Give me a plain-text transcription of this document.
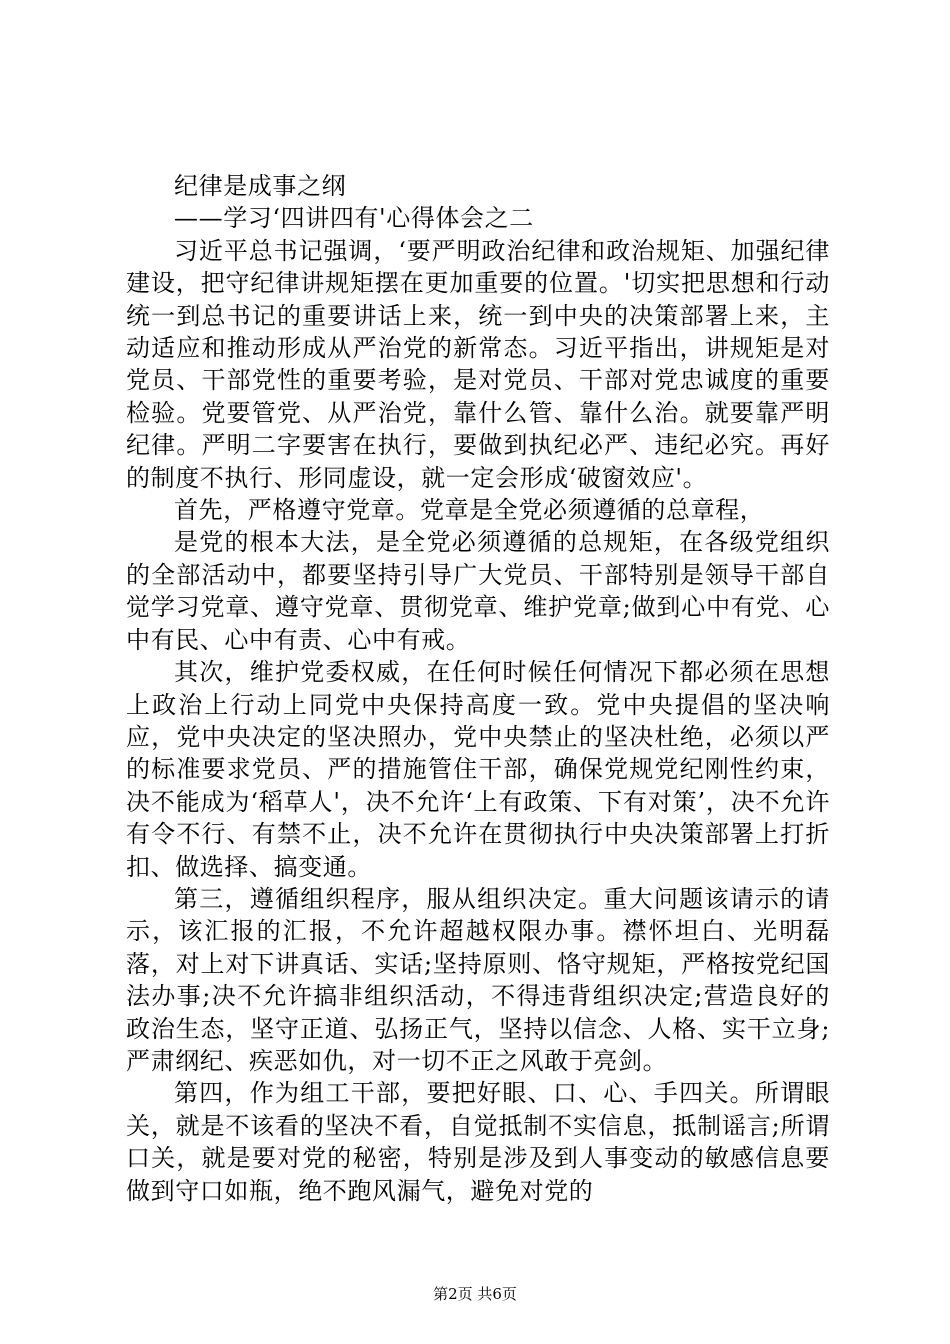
纪律是成事之纲

——学习‘四讲四有'心得体会之二

习近平总书记强调，‘要严明政治纪律和政治规矩、加强纪律建设，把守纪律讲规矩摆在更加重要的位置。'切实把思想和行动统一到总书记的重要讲话上来，统一到中央的决策部署上来，主动适应和推动形成从严治党的新常态。习近平指出，讲规矩是对党员、干部党性的重要考验，是对党员、干部对党忠诚度的重要检验。党要管党、从严治党，靠什么管、靠什么治。就要靠严明纪律。严明二字要害在执行，要做到执纪必严、违纪必究。再好的制度不执行、形同虚设，就一定会形成‘破窗效应'。

首先，严格遵守党章。党章是全党必须遵循的总章程，

是党的根本大法，是全党必须遵循的总规矩，在各级党组织的全部活动中，都要坚持引导广大党员、干部特别是领导干部自觉学习党章、遵守党章、贯彻党章、维护党章;做到心中有党、心中有民、心中有责、心中有戒。

其次，维护党委权威，在任何时候任何情况下都必须在思想上政治上行动上同党中央保持高度一致。党中央提倡的坚决响应，党中央决定的坚决照办，党中央禁止的坚决杜绝，必须以严的标准要求党员、严的措施管住干部，确保党规党纪刚性约束，决不能成为‘稻草人'，决不允许‘上有政策、下有对策’，决不允许有令不行、有禁不止，决不允许在贯彻执行中央决策部署上打折扣、做选择、搞变通。

第三，遵循组织程序，服从组织决定。重大问题该请示的请示，该汇报的汇报，不允许超越权限办事。襟怀坦白、光明磊落，对上对下讲真话、实话;坚持原则、恪守规矩，严格按党纪国法办事;决不允许搞非组织活动，不得违背组织决定;营造良好的政治生态，坚守正道、弘扬正气，坚持以信念、人格、实干立身;严肃纲纪、疾恶如仇，对一切不正之风敢于亮剑。

第四，作为组工干部，要把好眼、口、心、手四关。所谓眼关，就是不该看的坚决不看，自觉抵制不实信息，抵制谣言;所谓口关，就是要对党的秘密，特别是涉及到人事变动的敏感信息要做到守口如瓶，绝不跑风漏气，避免对党的

第2页 共6页
